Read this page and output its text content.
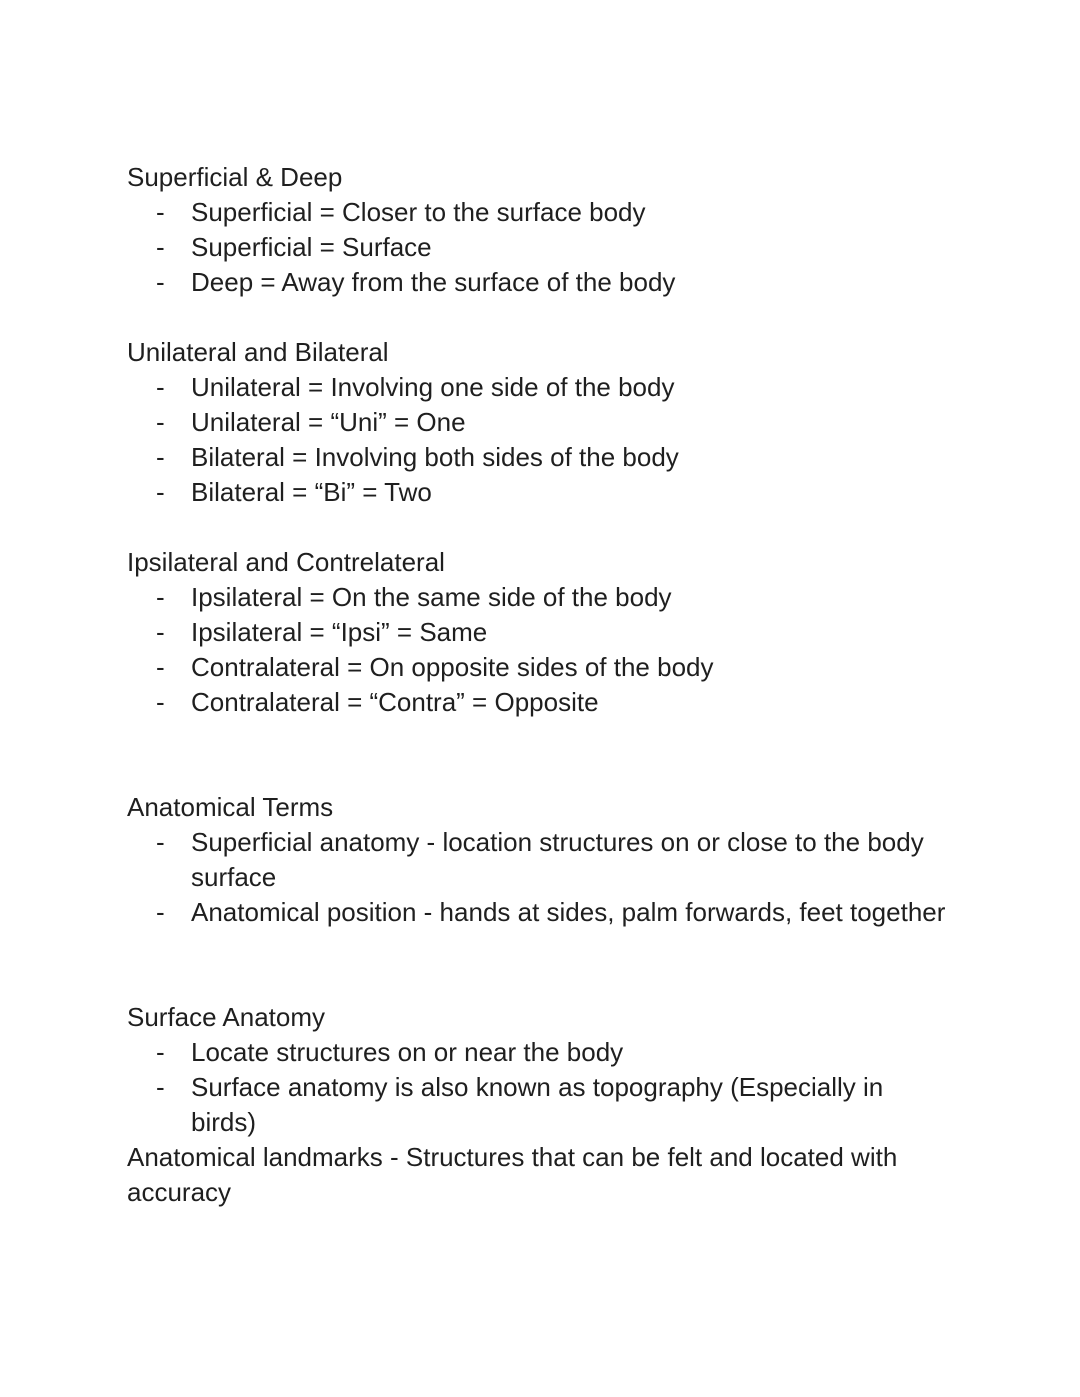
Superficial & Deep

- Superficial = Closer to the surface body
- Superficial = Surface
- Deep = Away from the surface of the body

Unilateral and Bilateral

- Unilateral = Involving one side of the body
- Unilateral = “Uni” = One
- Bilateral = Involving both sides of the body
- Bilateral = “Bi” = Two

Ipsilateral and Contrelateral

- Ipsilateral = On the same side of the body
- Ipsilateral = “Ipsi” = Same
- Contralateral = On opposite sides of the body
- Contralateral = “Contra” = Opposite

Anatomical Terms

- Superficial anatomy - location structures on or close to the body surface
- Anatomical position - hands at sides, palm forwards, feet together

Surface Anatomy

- Locate structures on or near the body
- Surface anatomy is also known as topography (Especially in birds)

Anatomical landmarks - Structures that can be felt and located with accuracy
